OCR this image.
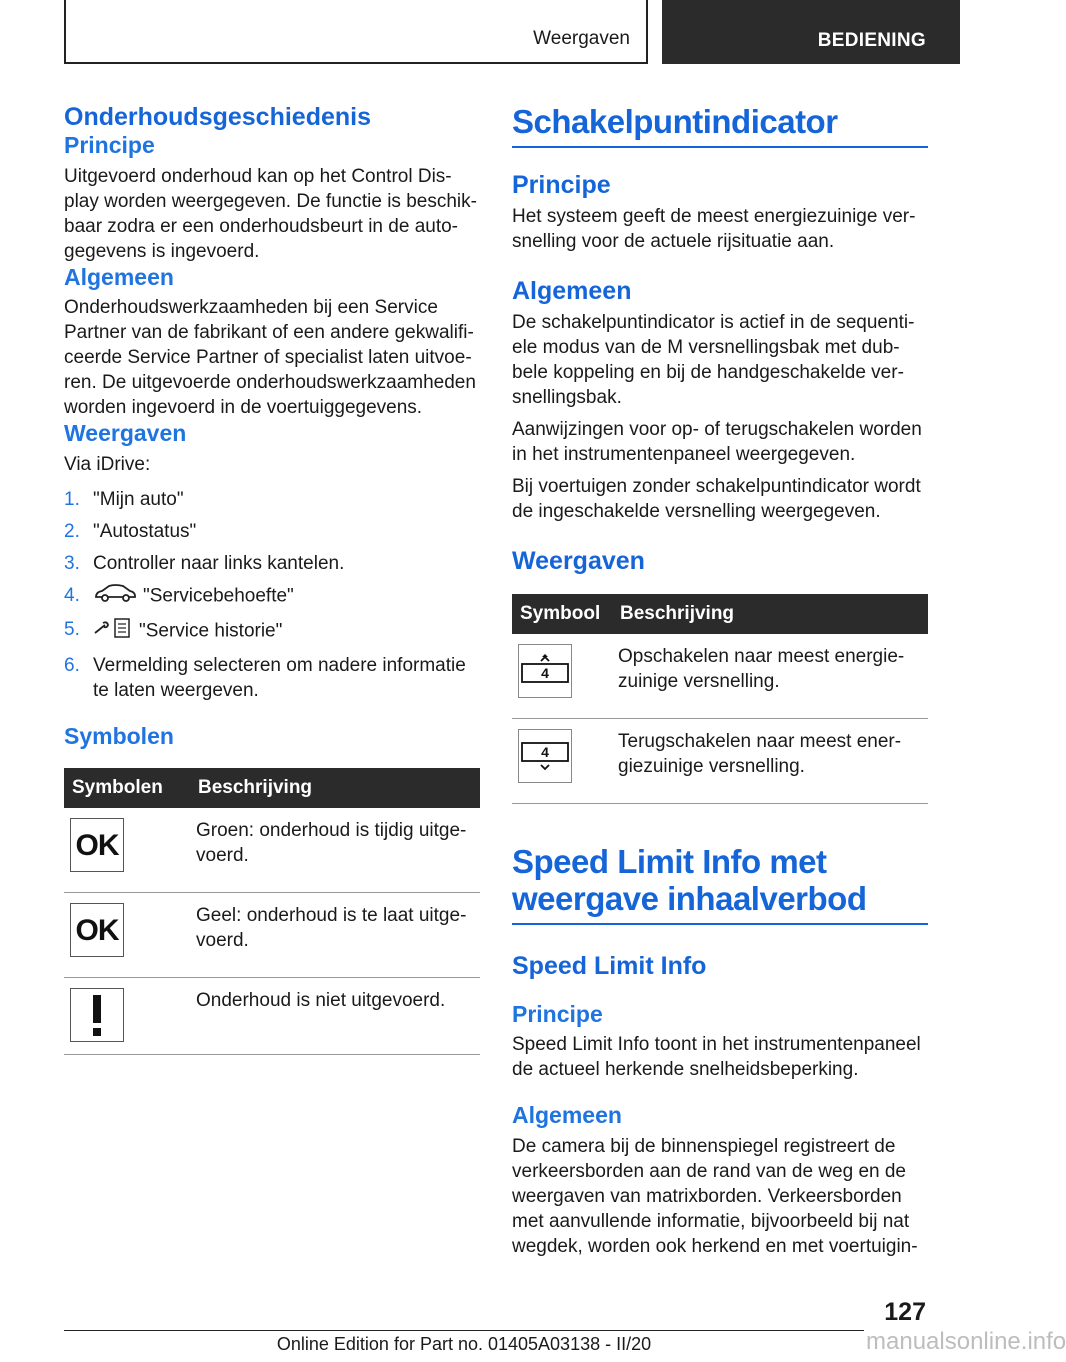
Weergaven	BEDIENING
Onderhoudsgeschiedenis
Principe

Uitgevoerd onderhoud kan op het Control Dis-play worden weergegeven. De functie is beschik-baar zodra er een onderhoudsbeurt in de auto-gegevens is ingevoerd.

Algemeen

Onderhoudswerkzaamheden bij een Service Partner van de fabrikant of een andere gekwalifi-ceerde Service Partner of specialist laten uitvoe-ren. De uitgevoerde onderhoudswerkzaamheden worden ingevoerd in de voertuiggegevens.

Weergaven

Via iDrive:

1. "Mijn auto"
2. "Autostatus"
3. Controller naar links kantelen.
4.	"Servicebehoefte"
5.	"Service historie"
6. Vermelding selecteren om nadere informatie te laten weergeven.
Symbolen
Symbolen	Beschrijving

OK	Groen: onderhoud is tijdig uitge-voerd.

OK	Geel: onderhoud is te laat uitge-voerd.

	Onderhoud is niet uitgevoerd.
Schakelpuntindicator
Principe

Het systeem geeft de meest energiezuinige ver-snelling voor de actuele rijsituatie aan.

Algemeen

De schakelpuntindicator is actief in de sequenti-ele modus van de M versnellingsbak met dub-bele koppeling en bij de handgeschakelde ver-snellingsbak.

Aanwijzingen voor op- of terugschakelen worden in het instrumentenpaneel weergegeven.

Bij voertuigen zonder schakelpuntindicator wordt de ingeschakelde versnelling weergegeven.

Weergaven
Symbool	Beschrijving

4	Opschakelen naar meest energie-zuinige versnelling.

4	Terugschakelen naar meest ener-giezuinige versnelling.
Speed Limit Info met weergave inhaalverbod
Speed Limit Info
Principe

Speed Limit Info toont in het instrumentenpaneel de actueel herkende snelheidsbeperking.

Algemeen

De camera bij de binnenspiegel registreert de verkeersborden aan de rand van de weg en de weergaven van matrixborden. Verkeersborden met aanvullende informatie, bijvoorbeeld bij nat wegdek, worden ook herkend en met voertuigin-

127
Online Edition for Part no. 01405A03138 - II/20	manualsonline.info
